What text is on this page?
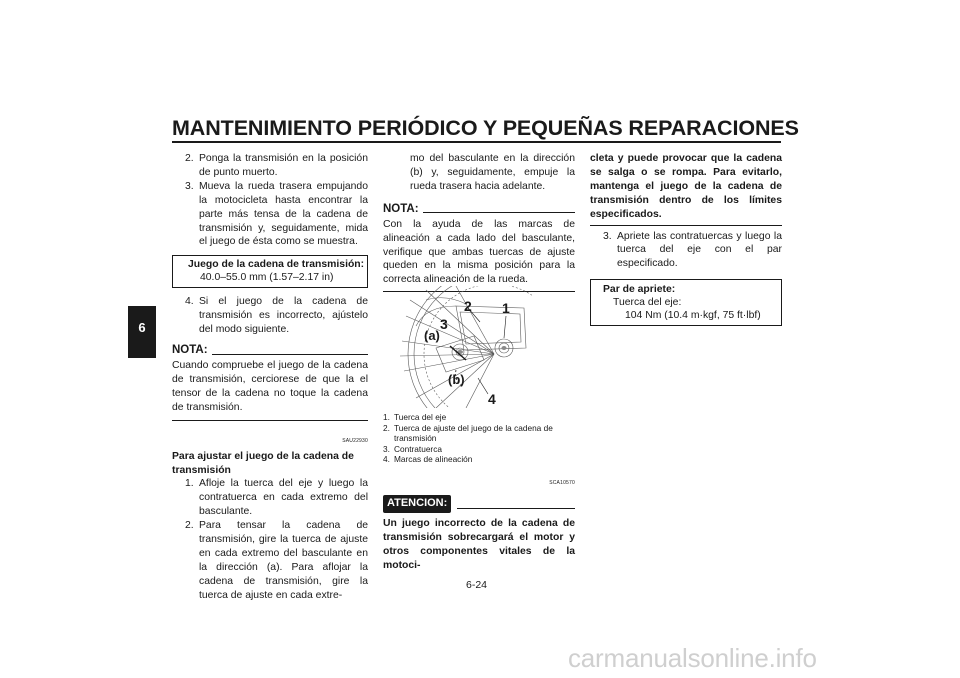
MANTENIMIENTO PERIÓDICO Y PEQUEÑAS REPARACIONES
6
2. Ponga la transmisión en la posición de punto muerto.
3. Mueva la rueda trasera empujando la motocicleta hasta encontrar la parte más tensa de la cadena de transmisión y, seguidamente, mida el juego de ésta como se muestra.
Juego de la cadena de transmisión:
40.0–55.0 mm (1.57–2.17 in)
4. Si el juego de la cadena de transmisión es incorrecto, ajústelo del modo siguiente.
NOTA:
Cuando compruebe el juego de la cadena de transmisión, cerciorese de que la el tensor de la cadena no toque la cadena de transmisión.
SAU22930
Para ajustar el juego de la cadena de transmisión
1. Afloje la tuerca del eje y luego la contratuerca en cada extremo del basculante.
2. Para tensar la cadena de transmisión, gire la tuerca de ajuste en cada extremo del basculante en la dirección (a). Para aflojar la cadena de transmisión, gire la tuerca de ajuste en cada extre-
mo del basculante en la dirección (b) y, seguidamente, empuje la rueda trasera hacia adelante.
NOTA:
Con la ayuda de las marcas de alineación a cada lado del basculante, verifique que ambas tuercas de ajuste queden en la misma posición para la correcta alineación de la rueda.
1
2
3
4
(a)
(b)
1. Tuerca del eje
2. Tuerca de ajuste del juego de la cadena de transmisión
3. Contratuerca
4. Marcas de alineación
SCA10570
ATENCION:
Un juego incorrecto de la cadena de transmisión sobrecargará el motor y otros componentes vitales de la motoci-
cleta y puede provocar que la cadena se salga o se rompa. Para evitarlo, mantenga el juego de la cadena de transmisión dentro de los límites especificados.
3. Apriete las contratuercas y luego la tuerca del eje con el par especificado.
Par de apriete:
Tuerca del eje:
104 Nm (10.4 m·kgf, 75 ft·lbf)
6-24
carmanualsonline.info
